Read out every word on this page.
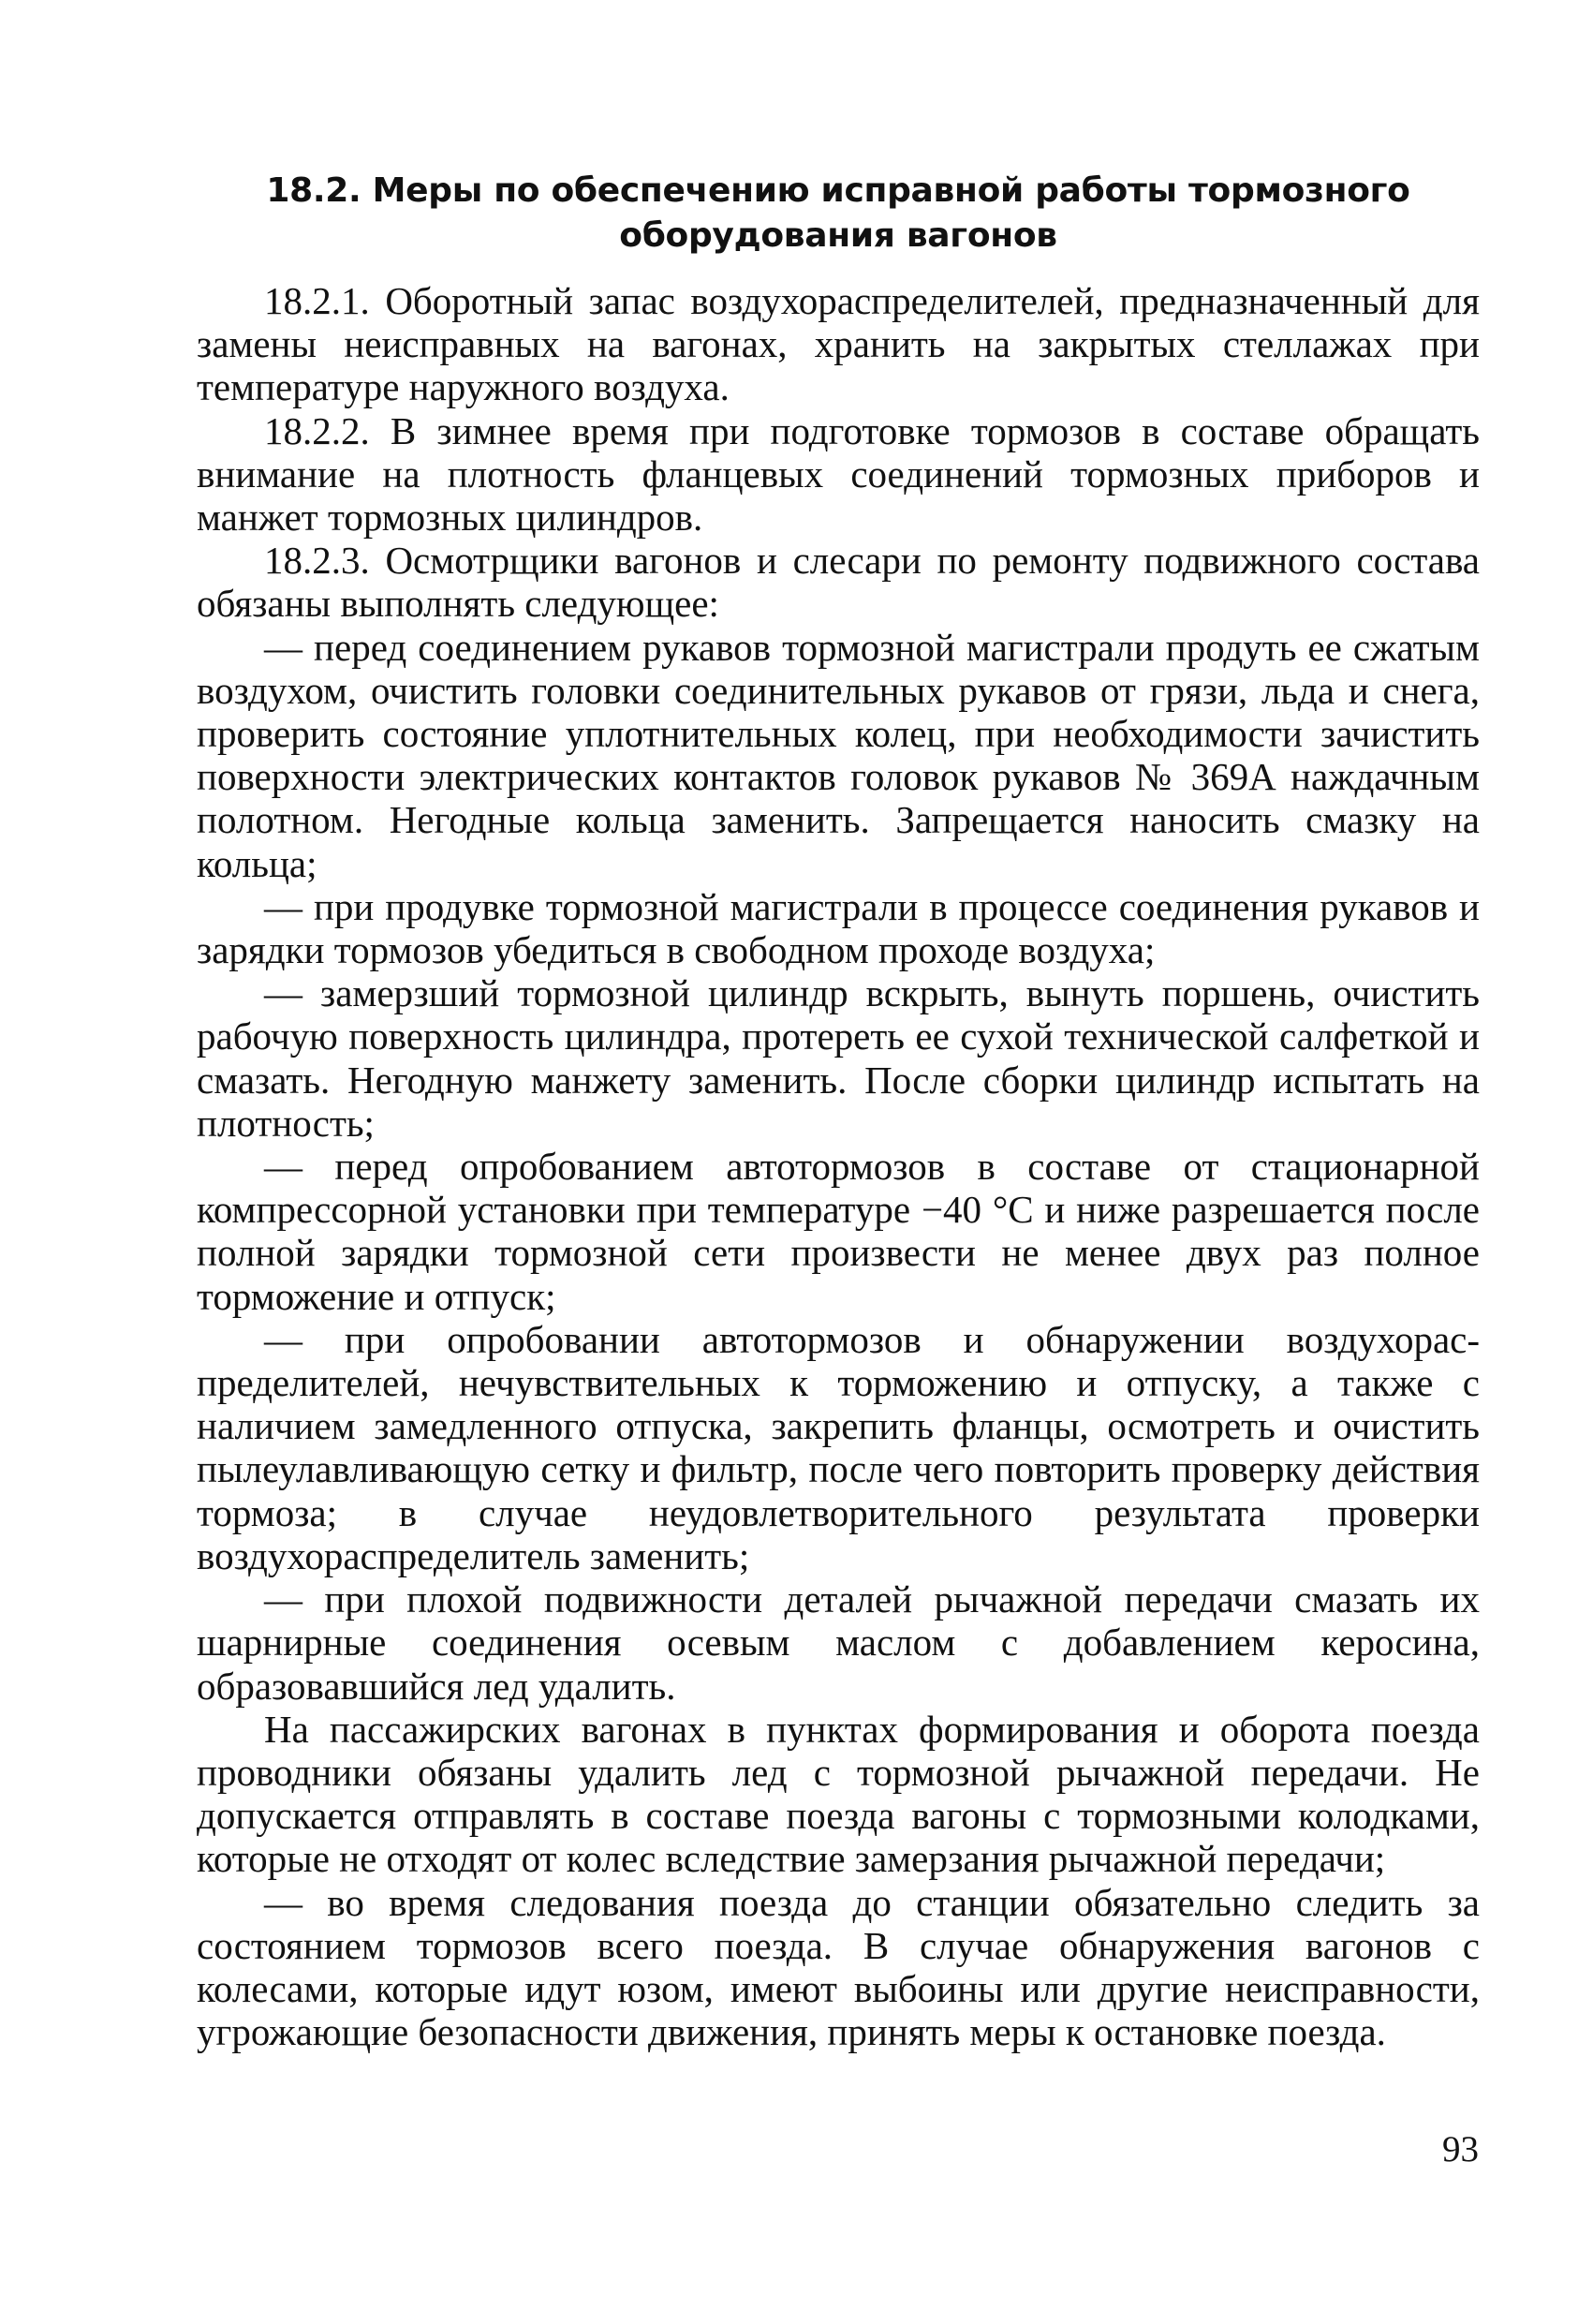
18.2. Меры по обеспечению исправной работы тормозного
оборудования вагонов

18.2.1. Оборотный запас воздухораспределителей, предназначенный для замены неисправных на вагонах, хранить на закрытых стеллажах при температуре наружного воздуха.

18.2.2. В зимнее время при подготовке тормозов в составе обращать внимание на плотность фланцевых соединений тормозных приборов и манжет тормозных цилиндров.

18.2.3. Осмотрщики вагонов и слесари по ремонту подвижного состава обязаны выполнять следующее:

— перед соединением рукавов тормозной магистрали продуть ее сжатым воздухом, очистить головки соединительных рукавов от грязи, льда и снега, проверить состояние уплотнительных колец, при необходимости зачистить поверхности электрических контактов головок рукавов № 369А наждачным полотном. Негодные кольца заменить. Запрещается наносить смазку на кольца;

— при продувке тормозной магистрали в процессе соединения рукавов и зарядки тормозов убедиться в свободном проходе воздуха;

— замерзший тормозной цилиндр вскрыть, вынуть поршень, очистить рабочую поверхность цилиндра, протереть ее сухой технической салфеткой и смазать. Негодную манжету заменить. После сборки цилиндр испытать на плотность;

— перед опробованием автотормозов в составе от стационарной компрессорной установки при температуре −40 °С и ниже разрешается после полной зарядки тормозной сети произвести не менее двух раз полное торможение и отпуск;

— при опробовании автотормозов и обнаружении воздухораспределителей, нечувствительных к торможению и отпуску, а также с наличием замедленного отпуска, закрепить фланцы, осмотреть и очистить пылеулавливающую сетку и фильтр, после чего повторить проверку действия тормоза; в случае неудовлетворительного результата проверки воздухораспределитель заменить;

— при плохой подвижности деталей рычажной передачи смазать их шарнирные соединения осевым маслом с добавлением керосина, образовавшийся лед удалить.

На пассажирских вагонах в пунктах формирования и оборота поезда проводники обязаны удалить лед с тормозной рычажной передачи. Не допускается отправлять в составе поезда вагоны с тормозными колодками, которые не отходят от колес вследствие замерзания рычажной передачи;

— во время следования поезда до станции обязательно следить за состоянием тормозов всего поезда. В случае обнаружения вагонов с колесами, которые идут юзом, имеют выбоины или другие неисправности, угрожающие безопасности движения, принять меры к остановке поезда.

93
